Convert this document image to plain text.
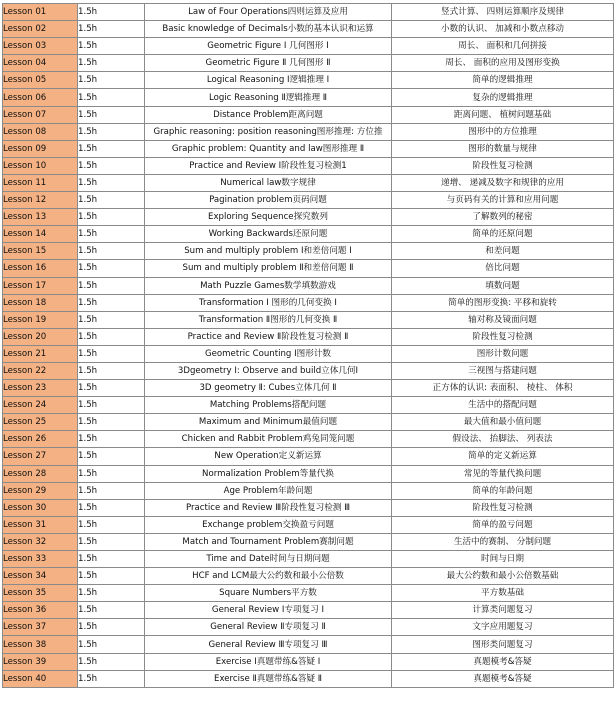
Lesson 01	1.5h	Law of Four Operations四则运算及应用	竖式计算、 四则运算顺序及规律
Lesson 02	1.5h	Basic knowledge of Decimals小数的基本认识和运算	小数的认识、 加减和小数点移动
Lesson 03	1.5h	Geometric Figure Ⅰ 几何图形 Ⅰ	周长、 面积和几何拼接
Lesson 04	1.5h	Geometric Figure Ⅱ 几何图形 Ⅱ	周长、 面积的应用及图形变换
Lesson 05	1.5h	Logical Reasoning Ⅰ逻辑推理 Ⅰ	简单的逻辑推理
Lesson 06	1.5h	Logic Reasoning Ⅱ逻辑推理 Ⅱ	复杂的逻辑推理
Lesson 07	1.5h	Distance Problem距离问题	距离问题、 植树问题基础
Lesson 08	1.5h	Graphic reasoning: position reasoning图形推理: 方位推	图形中的方位推理
Lesson 09	1.5h	Graphic problem: Quantity and law图形推理 Ⅱ	图形的数量与规律
Lesson 10	1.5h	Practice and Review Ⅰ阶段性复习检测1	阶段性复习检测
Lesson 11	1.5h	Numerical law数字规律	递增、 递减及数字和规律的应用
Lesson 12	1.5h	Pagination problem页码问题	与页码有关的计算和应用问题
Lesson 13	1.5h	Exploring Sequence探究数列	了解数列的秘密
Lesson 14	1.5h	Working Backwards还原问题	简单的还原问题
Lesson 15	1.5h	Sum and multiply problem Ⅰ和差倍问题 Ⅰ	和差问题
Lesson 16	1.5h	Sum and multiply problem Ⅱ和差倍问题 Ⅱ	倍比问题
Lesson 17	1.5h	Math Puzzle Games数学填数游戏	填数问题
Lesson 18	1.5h	Transformation Ⅰ 图形的几何变换 Ⅰ	简单的图形变换: 平移和旋转
Lesson 19	1.5h	Transformation Ⅱ图形的几何变换 Ⅱ	轴对称及镜面问题
Lesson 20	1.5h	Practice and Review Ⅱ阶段性复习检测 Ⅱ	阶段性复习检测
Lesson 21	1.5h	Geometric Counting Ⅰ图形计数	图形计数问题
Lesson 22	1.5h	3Dgeometry Ⅰ: Observe and build立体几何Ⅰ	三视图与搭建问题
Lesson 23	1.5h	3D geometry Ⅱ: Cubes立体几何 Ⅱ	正方体的认识: 表面积、 棱柱、 体积
Lesson 24	1.5h	Matching Problems搭配问题	生活中的搭配问题
Lesson 25	1.5h	Maximum and Minimum最值问题	最大值和最小值问题
Lesson 26	1.5h	Chicken and Rabbit Problem鸡兔同笼问题	假设法、 抬脚法、 列表法
Lesson 27	1.5h	New Operation定义新运算	简单的定义新运算
Lesson 28	1.5h	Normalization Problem等量代换	常见的等量代换问题
Lesson 29	1.5h	Age Problem年龄问题	简单的年龄问题
Lesson 30	1.5h	Practice and Review Ⅲ阶段性复习检测 Ⅲ	阶段性复习检测
Lesson 31	1.5h	Exchange problem交换盈亏问题	简单的盈亏问题
Lesson 32	1.5h	Match and Tournament Problem赛制问题	生活中的赛制、 分制问题
Lesson 33	1.5h	Time and Date时间与日期问题	时间与日期
Lesson 34	1.5h	HCF and LCM最大公约数和最小公倍数	最大公约数和最小公倍数基础
Lesson 35	1.5h	Square Numbers平方数	平方数基础
Lesson 36	1.5h	General Review Ⅰ专项复习 Ⅰ	计算类问题复习
Lesson 37	1.5h	General Review Ⅱ专项复习 Ⅱ	文字应用题复习
Lesson 38	1.5h	General Review Ⅲ专项复习 Ⅲ	图形类问题复习
Lesson 39	1.5h	Exercise Ⅰ真题带练&答疑 Ⅰ	真题模考&答疑
Lesson 40	1.5h	Exercise Ⅱ真题带练&答疑 Ⅱ	真题模考&答疑
